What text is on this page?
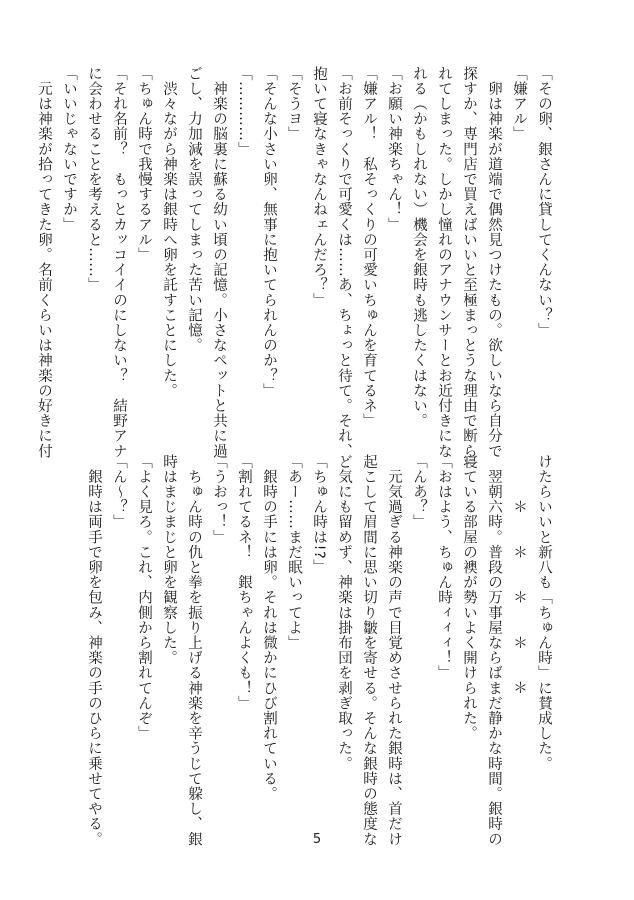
「その卵、銀さんに貸してくんない？」
「嫌アル」
　卵は神楽が道端で偶然見つけたもの。欲しいなら自分で
探すか、専門店で買えばいいと至極まっとうな理由で断ら
れてしまった。しかし憧れのアナウンサーとお近付きにな
れる（かもしれない）機会を銀時も逃したくはない。
「お願い神楽ちゃん！」
「嫌アル！　私そっくりの可愛いちゅんを育てるネ」
「お前そっくりで可愛くは……あ、ちょっと待て。それ、
抱いて寝なきゃなんねェんだろ？」
「そうヨ」
「そんな小さい卵、無事に抱いてられんのか？」
「…………」
　神楽の脳裏に蘇る幼い頃の記憶。小さなペットと共に過
ごし、力加減を誤ってしまった苦い記憶。
　渋々ながら神楽は銀時へ卵を託すことにした。
「ちゅん時で我慢するアル」
「それ名前？　もっとカッコイイのにしない？　結野アナ
に会わせることを考えると……」
「いいじゃないですか」
　元は神楽が拾ってきた卵。名前くらいは神楽の好きに付
けたらいいと新八も「ちゅん時」に賛成した。
　　　＊　　＊　　＊　　＊　　＊
　翌朝六時。普段の万事屋ならばまだ静かな時間。銀時の
寝ている部屋の襖が勢いよく開けられた。
「おはよう、ちゅん時ィィィ！」
「んあ？」
　元気過ぎる神楽の声で目覚めさせられた銀時は、首だけ
起こして眉間に思い切り皺を寄せる。そんな銀時の態度な
ど気にも留めず、神楽は掛布団を剥ぎ取った。
「ちゅん時は!?」
「あー……まだ眠いってよ」
　銀時の手には卵。それは微かにひび割れている。
「割れてるネ！　銀ちゃんよくも！」
「うおっ！」
　ちゅん時の仇と拳を振り上げる神楽を辛うじて躱し、銀
時はまじまじと卵を観察した。
「よく見ろ。これ、内側から割れてんぞ」
「ん～？」
　銀時は両手で卵を包み、神楽の手のひらに乗せてやる。	5
